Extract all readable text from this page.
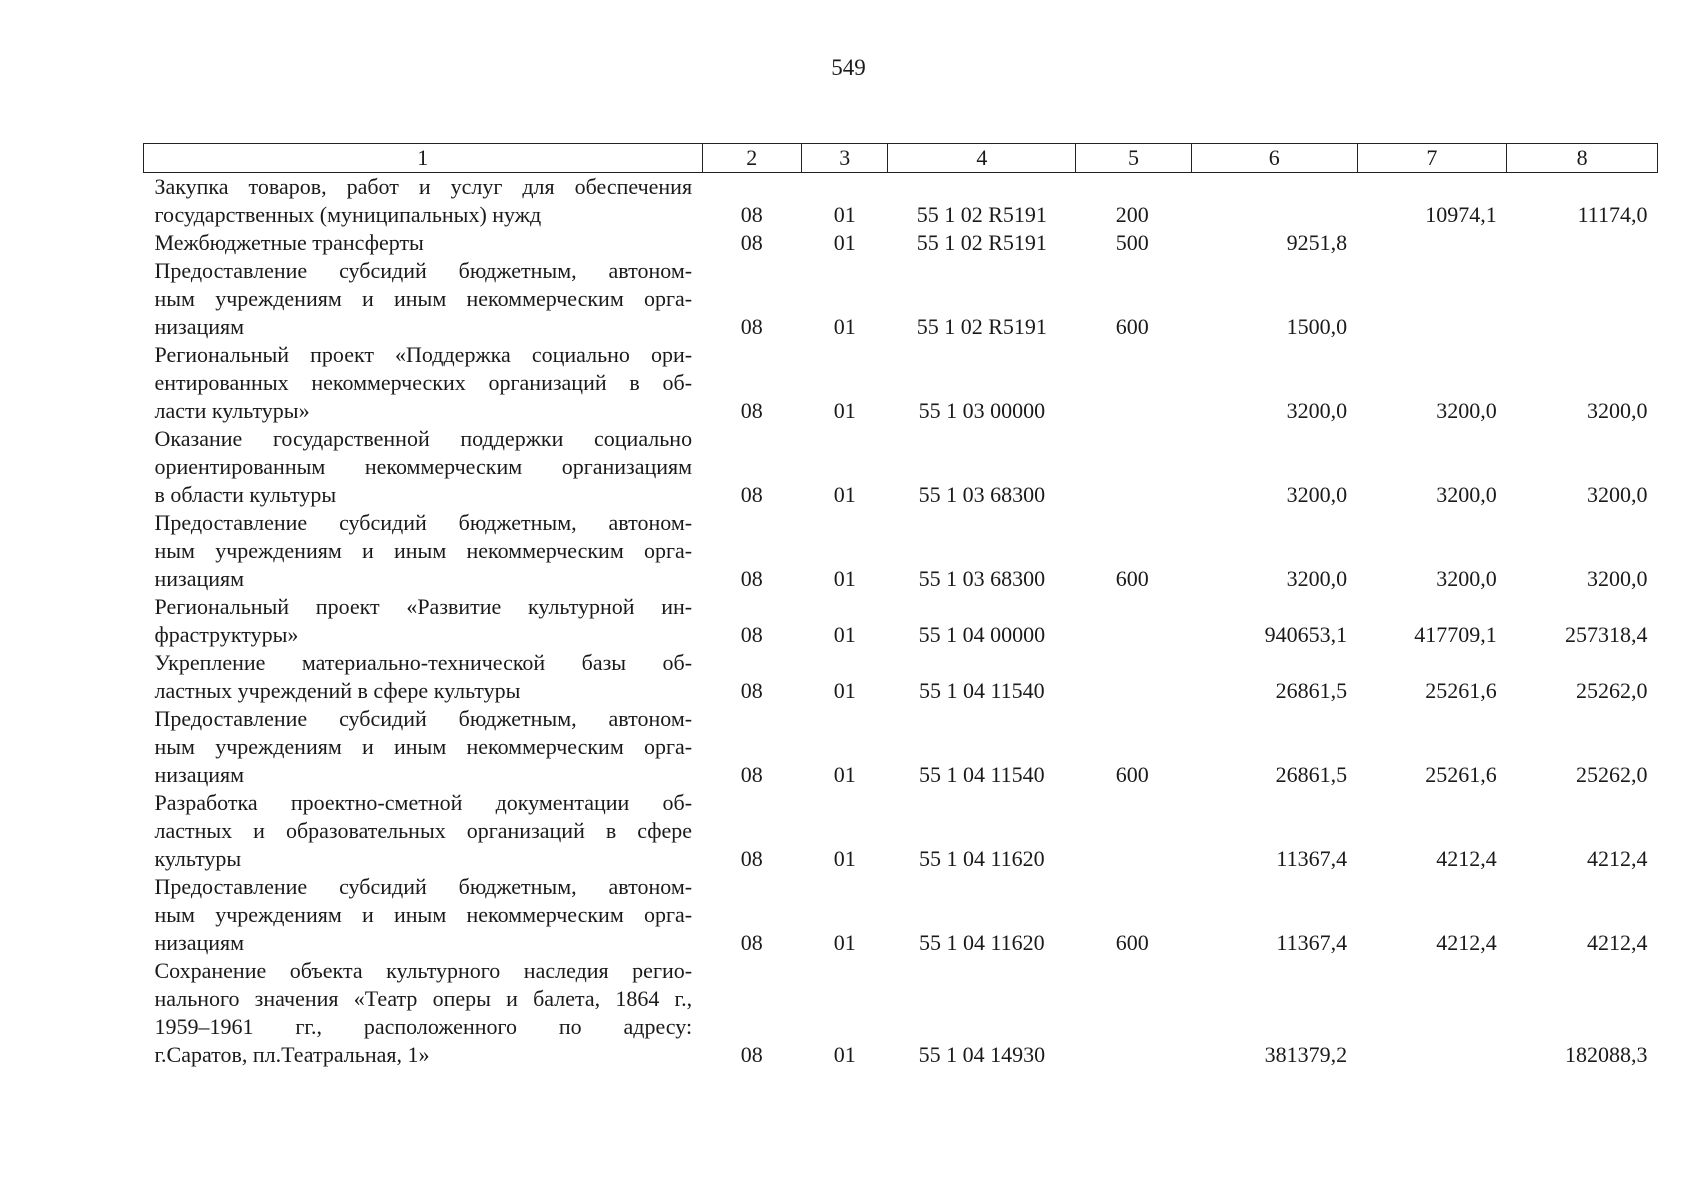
549
1	2	3	4	5	6	7	8

Закупка товаров, работ и услуг для обеспечения
государственных (муниципальных) нужд	08	01	55 1 02 R5191	200		10974,1	11174,0

Межбюджетные трансферты	08	01	55 1 02 R5191	500	9251,8		

Предоставление субсидий бюджетным, автоном-
ным учреждениям и иным некоммерческим орга-
низациям	08	01	55 1 02 R5191	600	1500,0		

Региональный проект «Поддержка социально ори-
ентированных некоммерческих организаций в об-
ласти культуры»	08	01	55 1 03 00000		3200,0	3200,0	3200,0

Оказание государственной поддержки социально
ориентированным некоммерческим организациям
в области культуры	08	01	55 1 03 68300		3200,0	3200,0	3200,0

Предоставление субсидий бюджетным, автоном-
ным учреждениям и иным некоммерческим орга-
низациям	08	01	55 1 03 68300	600	3200,0	3200,0	3200,0

Региональный проект «Развитие культурной ин-
фраструктуры»	08	01	55 1 04 00000		940653,1	417709,1	257318,4

Укрепление материально-технической базы об-
ластных учреждений в сфере культуры	08	01	55 1 04 11540		26861,5	25261,6	25262,0

Предоставление субсидий бюджетным, автоном-
ным учреждениям и иным некоммерческим орга-
низациям	08	01	55 1 04 11540	600	26861,5	25261,6	25262,0

Разработка проектно-сметной документации об-
ластных и образовательных организаций в сфере
культуры	08	01	55 1 04 11620		11367,4	4212,4	4212,4

Предоставление субсидий бюджетным, автоном-
ным учреждениям и иным некоммерческим орга-
низациям	08	01	55 1 04 11620	600	11367,4	4212,4	4212,4

Сохранение объекта культурного наследия регио-
нального значения «Театр оперы и балета, 1864 г.,
1959–1961 гг., расположенного по адресу:
г.Саратов, пл.Театральная, 1»	08	01	55 1 04 14930		381379,2		182088,3
